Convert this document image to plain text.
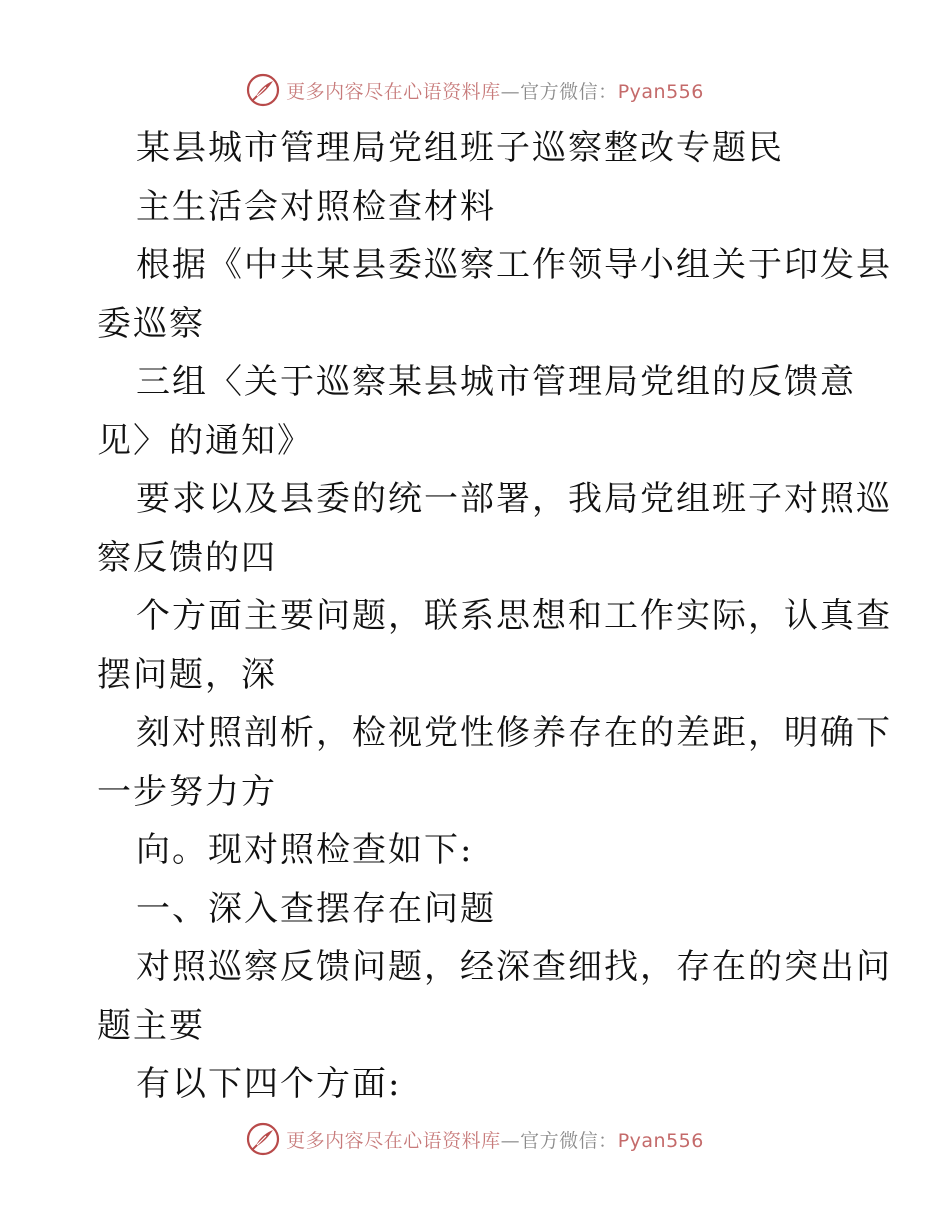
更多内容尽在心语资料库—官方微信：Pyan556
某县城市管理局党组班子巡察整改专题民
主生活会对照检查材料
根据《中共某县委巡察工作领导小组关于印发县
委巡察
三组〈关于巡察某县城市管理局党组的反馈意
见〉的通知》
要求以及县委的统一部署，我局党组班子对照巡
察反馈的四
个方面主要问题，联系思想和工作实际，认真查
摆问题，深
刻对照剖析，检视党性修养存在的差距，明确下
一步努力方
向。现对照检查如下:
一、深入查摆存在问题
对照巡察反馈问题，经深查细找，存在的突出问
题主要
有以下四个方面:
更多内容尽在心语资料库—官方微信：Pyan556
